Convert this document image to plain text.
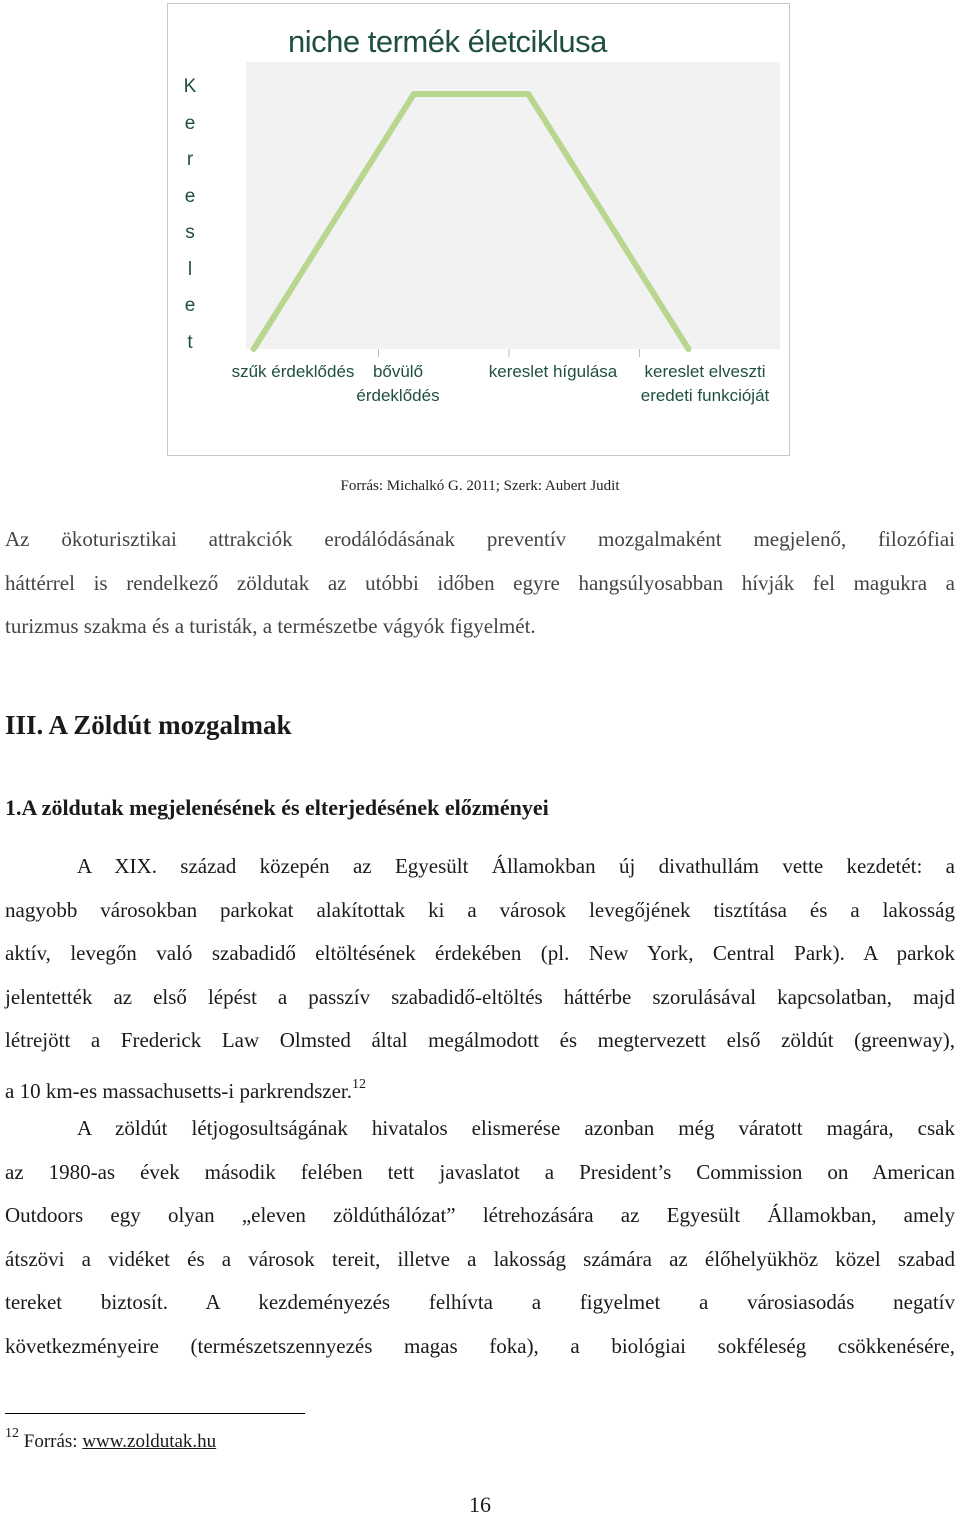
niche termék életciklusa
K
e
r
e
s
l
e
t
szűk érdeklődés	bővülő érdeklődés
kereslet hígulása	kereslet elveszti eredeti funkcióját
Forrás: Michalkó G. 2011; Szerk: Aubert Judit

Az ökoturisztikai attrakciók erodálódásának preventív mozgalmaként megjelenő, filozófiai
háttérrel is rendelkező zöldutak az utóbbi időben egyre hangsúlyosabban hívják fel magukra a
turizmus szakma és a turisták, a természetbe vágyók figyelmét.

III. A Zöldút mozgalmak
1.A zöldutak megjelenésének és elterjedésének előzményei

A XIX. század közepén az Egyesült Államokban új divathullám vette kezdetét: a
nagyobb városokban parkokat alakítottak ki a városok levegőjének tisztítása és a lakosság
aktív, levegőn való szabadidő eltöltésének érdekében (pl. New York, Central Park). A parkok
jelentették az első lépést a passzív szabadidő-eltöltés háttérbe szorulásával kapcsolatban, majd
létrejött a Frederick Law Olmsted által megálmodott és megtervezett első zöldút (greenway),
a 10 km-es massachusetts-i parkrendszer.$^{12}$

A zöldút létjogosultságának hivatalos elismerése azonban még váratott magára, csak
az 1980-as évek második felében tett javaslatot a President’s Commission on American
Outdoors egy olyan „eleven zöldúthálózat” létrehozására az Egyesült Államokban, amely
átszövi a vidéket és a városok tereit, illetve a lakosság számára az élőhelyükhöz közel szabad
tereket biztosít. A kezdeményezés felhívta a figyelmet a városiasodás negatív
következményeire (természetszennyezés magas foka), a biológiai sokféleség csökkenésére,

$^{12}$ Forrás: www.zoldutak.hu
16
